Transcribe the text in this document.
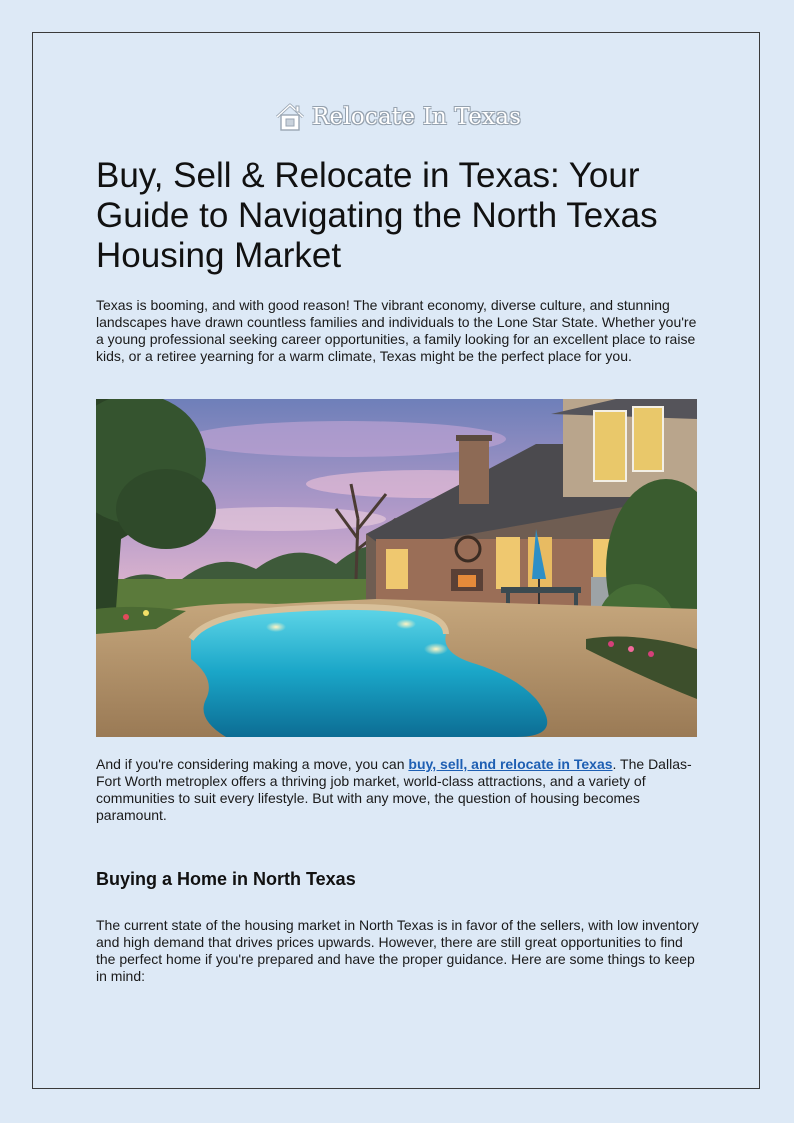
Relocate In Texas
Buy, Sell & Relocate in Texas: Your Guide to Navigating the North Texas Housing Market

Texas is booming, and with good reason! The vibrant economy, diverse culture, and stunning landscapes have drawn countless families and individuals to the Lone Star State. Whether you're a young professional seeking career opportunities, a family looking for an excellent place to raise kids, or a retiree yearning for a warm climate, Texas might be the perfect place for you.

And if you're considering making a move, you can buy, sell, and relocate in Texas. The Dallas-Fort Worth metroplex offers a thriving job market, world-class attractions, and a variety of communities to suit every lifestyle. But with any move, the question of housing becomes paramount.

Buying a Home in North Texas

The current state of the housing market in North Texas is in favor of the sellers, with low inventory and high demand that drives prices upwards. However, there are still great opportunities to find the perfect home if you're prepared and have the proper guidance. Here are some things to keep in mind:
